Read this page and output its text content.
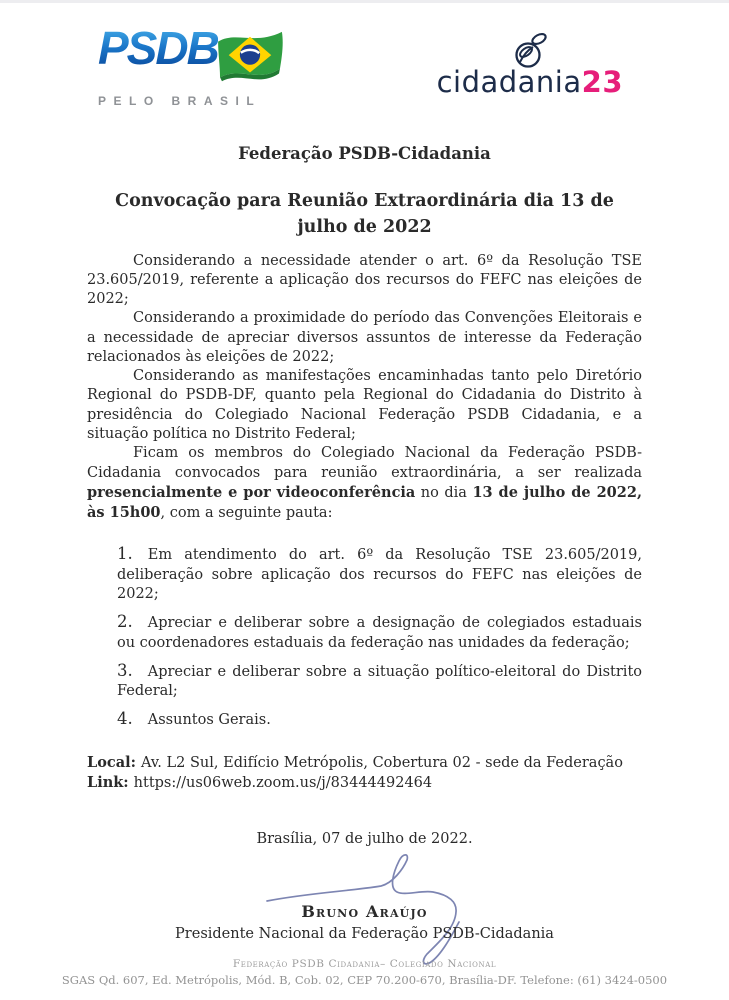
PSDB
PELO BRASIL
cidadania23
Federação PSDB-Cidadania
Convocação para Reunião Extraordinária dia 13 de julho de 2022

Considerando a necessidade atender o art. 6º da Resolução TSE 23.605/2019, referente a aplicação dos recursos do FEFC nas eleições de 2022;

Considerando a proximidade do período das Convenções Eleitorais e a necessidade de apreciar diversos assuntos de interesse da Federação relacionados às eleições de 2022;

Considerando as manifestações encaminhadas tanto pelo Diretório Regional do PSDB-DF, quanto pela Regional do Cidadania do Distrito à presidência do Colegiado Nacional Federação PSDB Cidadania, e a situação política no Distrito Federal;

Ficam os membros do Colegiado Nacional da Federação PSDB-Cidadania convocados para reunião extraordinária, a ser realizada presencialmente e por videoconferência no dia 13 de julho de 2022, às 15h00, com a seguinte pauta:

1. Em atendimento do art. 6º da Resolução TSE 23.605/2019, deliberação sobre aplicação dos recursos do FEFC nas eleições de 2022;

2. Apreciar e deliberar sobre a designação de colegiados estaduais ou coordenadores estaduais da federação nas unidades da federação;

3. Apreciar e deliberar sobre a situação político-eleitoral do Distrito Federal;

4. Assuntos Gerais.

Local: Av. L2 Sul, Edifício Metrópolis, Cobertura 02 - sede da Federação

Link: https://us06web.zoom.us/j/83444492464

Brasília, 07 de julho de 2022.

Bruno Araújo
Presidente Nacional da Federação PSDB-Cidadania
Federação PSDB Cidadania– Colegiado Nacional
SGAS Qd. 607, Ed. Metrópolis, Mód. B, Cob. 02, CEP 70.200-670, Brasília-DF. Telefone: (61) 3424-0500
